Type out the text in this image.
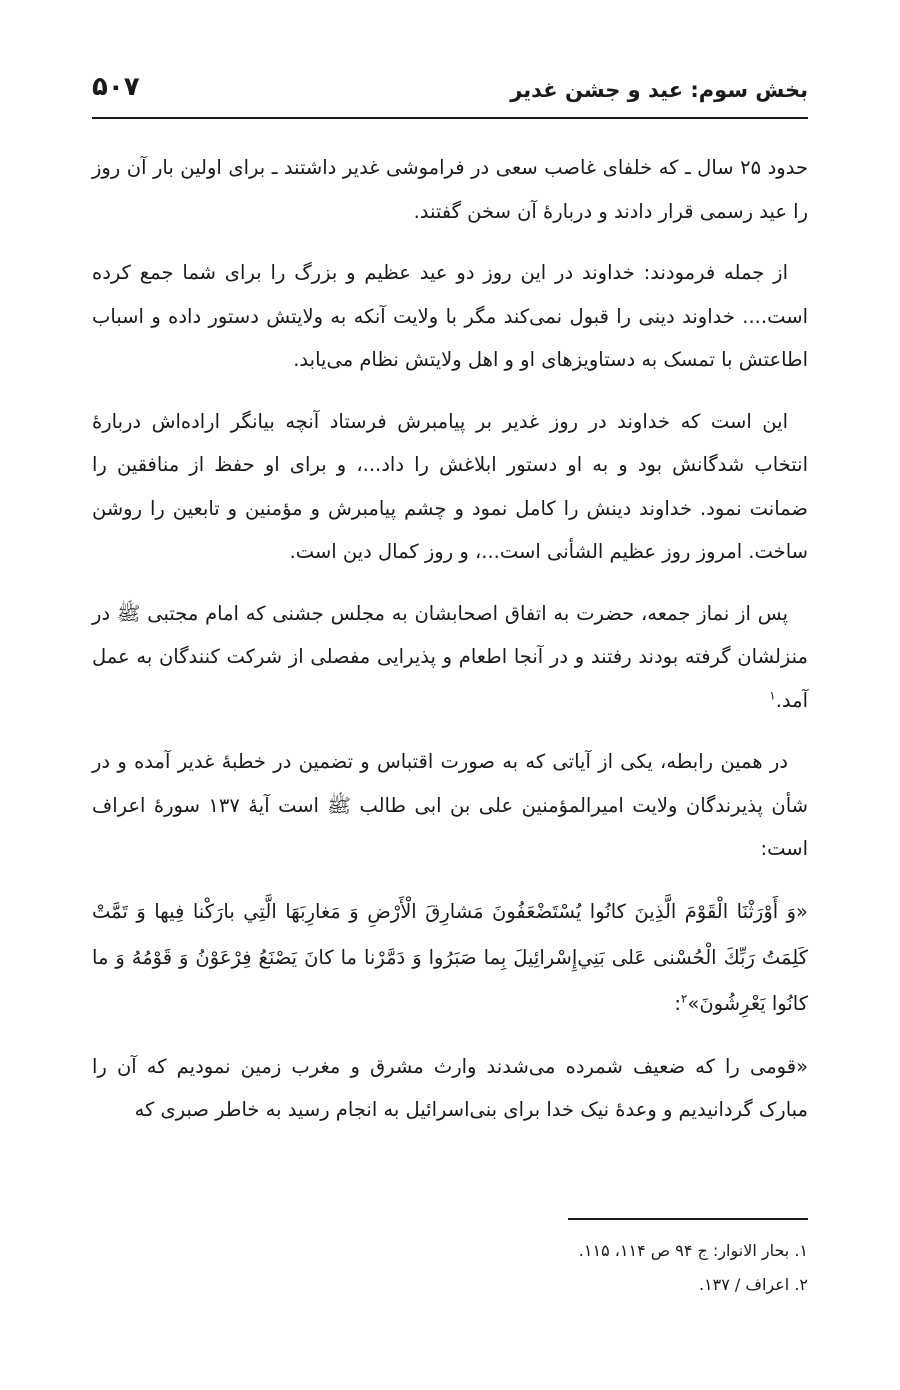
بخش سوم: عید و جشن غدیر
۵۰۷

حدود ۲۵ سال ـ که خلفای غاصب سعی در فراموشی غدیر داشتند ـ برای اولین بار آن روز را عید رسمی قرار دادند و دربارهٔ آن سخن گفتند.

از جمله فرمودند: خداوند در این روز دو عید عظیم و بزرگ را برای شما جمع کرده است.... خداوند دینی را قبول نمی‌کند مگر با ولایت آنکه به ولایتش دستور داده و اسباب اطاعتش با تمسک به دستاویزهای او و اهل ولایتش نظام می‌یابد.

این است که خداوند در روز غدیر بر پیامبرش فرستاد آنچه بیانگر اراده‌اش دربارهٔ انتخاب شدگانش بود و به او دستور ابلاغش را داد...، و برای او حفظ از منافقین را ضمانت نمود. خداوند دینش را کامل نمود و چشم پیامبرش و مؤمنین و تابعین را روشن ساخت. امروز روز عظیم الشأنی است...، و روز کمال دین است.

پس از نماز جمعه، حضرت به اتفاق اصحابشان به مجلس جشنی که امام مجتبی ﷺ در منزلشان گرفته بودند رفتند و در آنجا اطعام و پذیرایی مفصلی از شرکت کنندگان به عمل آمد.$^۱$

در همین رابطه، یکی از آیاتی که به صورت اقتباس و تضمین در خطبهٔ غدیر آمده و در شأن پذیرندگان ولایت امیرالمؤمنین علی بن ابی طالب ﷺ است آیهٔ ۱۳۷ سورهٔ اعراف است:

«وَ أَوْرَثْنَا الْقَوْمَ الَّذِينَ كانُوا يُسْتَضْعَفُونَ مَشارِقَ الْأَرْضِ وَ مَغارِبَهَا الَّتِي بارَكْنا فِيها وَ تَمَّتْ كَلِمَتُ رَبِّكَ الْحُسْنى عَلى بَنِي‌إِسْرائِيلَ بِما صَبَرُوا وَ دَمَّرْنا ما كانَ يَصْنَعُ فِرْعَوْنُ وَ قَوْمُهُ وَ ما كانُوا يَعْرِشُونَ»$^۲$:

«قومی را که ضعیف شمرده می‌شدند وارث مشرق و مغرب زمین نمودیم که آن را مبارک گردانیدیم و وعدهٔ نیک خدا برای بنی‌اسرائیل به انجام رسید به خاطر صبری که

۱. بحار الانوار: ج ۹۴ ص ۱۱۴، ۱۱۵.
۲. اعراف / ۱۳۷.
